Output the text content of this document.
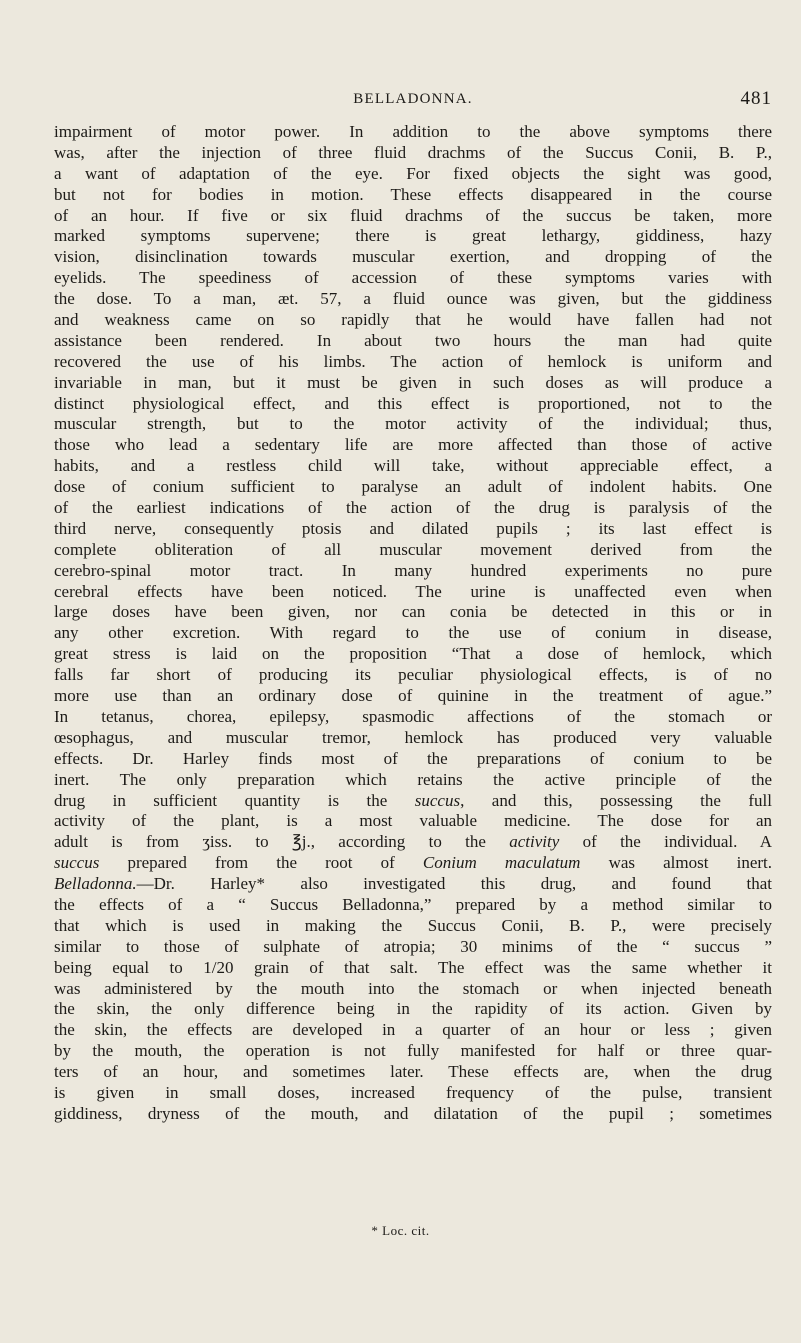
BELLADONNA.	481
impairment of motor power. In addition to the above symptoms there
was, after the injection of three fluid drachms of the Succus Conii, B. P.,
a want of adaptation of the eye. For fixed objects the sight was good,
but not for bodies in motion. These effects disappeared in the course
of an hour. If five or six fluid drachms of the succus be taken, more
marked symptoms supervene; there is great lethargy, giddiness, hazy
vision, disinclination towards muscular exertion, and dropping of the
eyelids. The speediness of accession of these symptoms varies with
the dose. To a man, æt. 57, a fluid ounce was given, but the giddiness
and weakness came on so rapidly that he would have fallen had not
assistance been rendered. In about two hours the man had quite
recovered the use of his limbs. The action of hemlock is uniform and
invariable in man, but it must be given in such doses as will produce a
distinct physiological effect, and this effect is proportioned, not to the
muscular strength, but to the motor activity of the individual; thus,
those who lead a sedentary life are more affected than those of active
habits, and a restless child will take, without appreciable effect, a
dose of conium sufficient to paralyse an adult of indolent habits. One
of the earliest indications of the action of the drug is paralysis of the
third nerve, consequently ptosis and dilated pupils ; its last effect is
complete obliteration of all muscular movement derived from the
cerebro-spinal motor tract. In many hundred experiments no pure
cerebral effects have been noticed. The urine is unaffected even when
large doses have been given, nor can conia be detected in this or in
any other excretion. With regard to the use of conium in disease,
great stress is laid on the proposition “That a dose of hemlock, which
falls far short of producing its peculiar physiological effects, is of no
more use than an ordinary dose of quinine in the treatment of ague.”
In tetanus, chorea, epilepsy, spasmodic affections of the stomach or
œsophagus, and muscular tremor, hemlock has produced very valuable
effects. Dr. Harley finds most of the preparations of conium to be
inert. The only preparation which retains the active principle of the
drug in sufficient quantity is the succus, and this, possessing the full
activity of the plant, is a most valuable medicine. The dose for an
adult is from ʒiss. to ℥j., according to the activity of the individual. A
succus prepared from the root of Conium maculatum was almost inert.
Belladonna.—Dr. Harley* also investigated this drug, and found that
the effects of a “ Succus Belladonna,” prepared by a method similar to
that which is used in making the Succus Conii, B. P., were precisely
similar to those of sulphate of atropia; 30 minims of the “ succus ”
being equal to 1/20 grain of that salt. The effect was the same whether it
was administered by the mouth into the stomach or when injected beneath
the skin, the only difference being in the rapidity of its action. Given by
the skin, the effects are developed in a quarter of an hour or less ; given
by the mouth, the operation is not fully manifested for half or three quar-
ters of an hour, and sometimes later. These effects are, when the drug
is given in small doses, increased frequency of the pulse, transient
giddiness, dryness of the mouth, and dilatation of the pupil ; sometimes
* Loc. cit.
